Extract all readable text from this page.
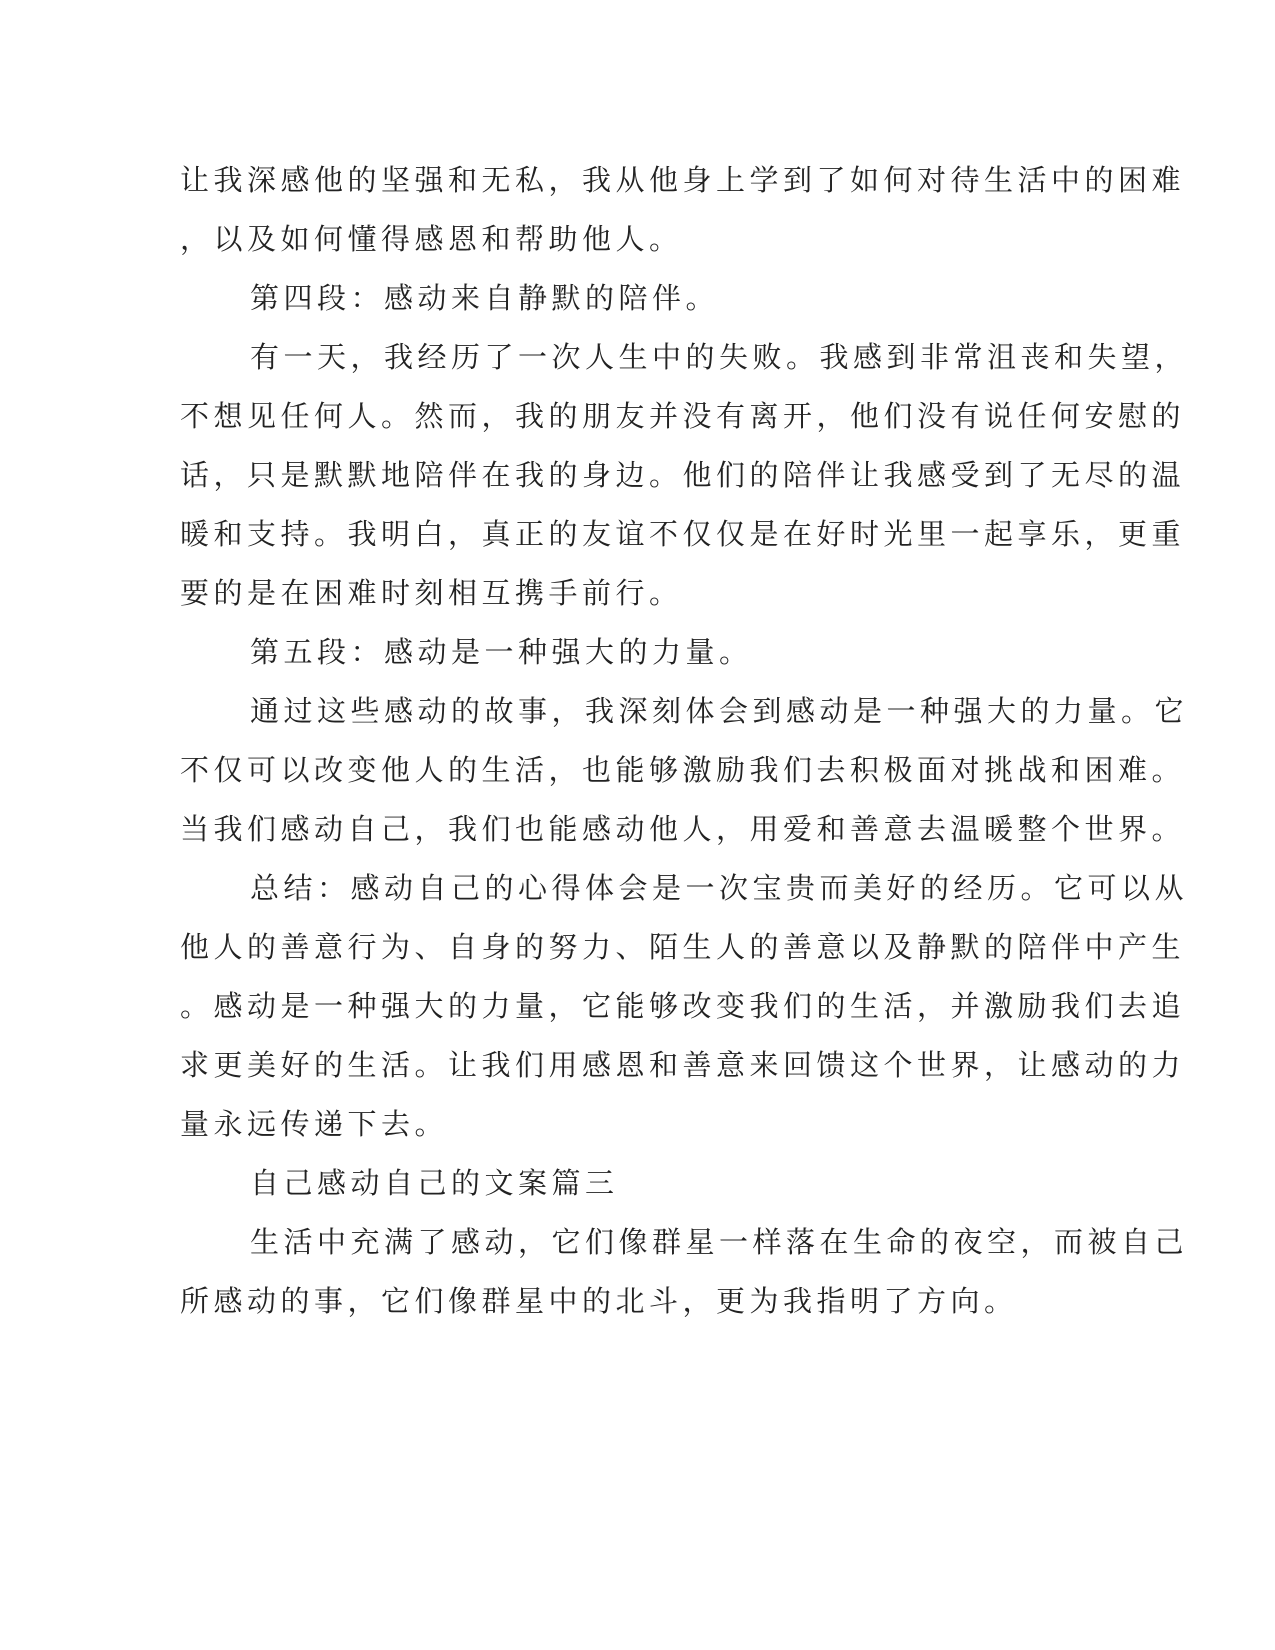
让我深感他的坚强和无私，我从他身上学到了如何对待生活中的困难
，以及如何懂得感恩和帮助他人。
第四段：感动来自静默的陪伴。
有一天，我经历了一次人生中的失败。我感到非常沮丧和失望，
不想见任何人。然而，我的朋友并没有离开，他们没有说任何安慰的
话，只是默默地陪伴在我的身边。他们的陪伴让我感受到了无尽的温
暖和支持。我明白，真正的友谊不仅仅是在好时光里一起享乐，更重
要的是在困难时刻相互携手前行。
第五段：感动是一种强大的力量。
通过这些感动的故事，我深刻体会到感动是一种强大的力量。它
不仅可以改变他人的生活，也能够激励我们去积极面对挑战和困难。
当我们感动自己，我们也能感动他人，用爱和善意去温暖整个世界。
总结：感动自己的心得体会是一次宝贵而美好的经历。它可以从
他人的善意行为、自身的努力、陌生人的善意以及静默的陪伴中产生
。感动是一种强大的力量，它能够改变我们的生活，并激励我们去追
求更美好的生活。让我们用感恩和善意来回馈这个世界，让感动的力
量永远传递下去。
自己感动自己的文案篇三
生活中充满了感动，它们像群星一样落在生命的夜空，而被自己
所感动的事，它们像群星中的北斗，更为我指明了方向。
